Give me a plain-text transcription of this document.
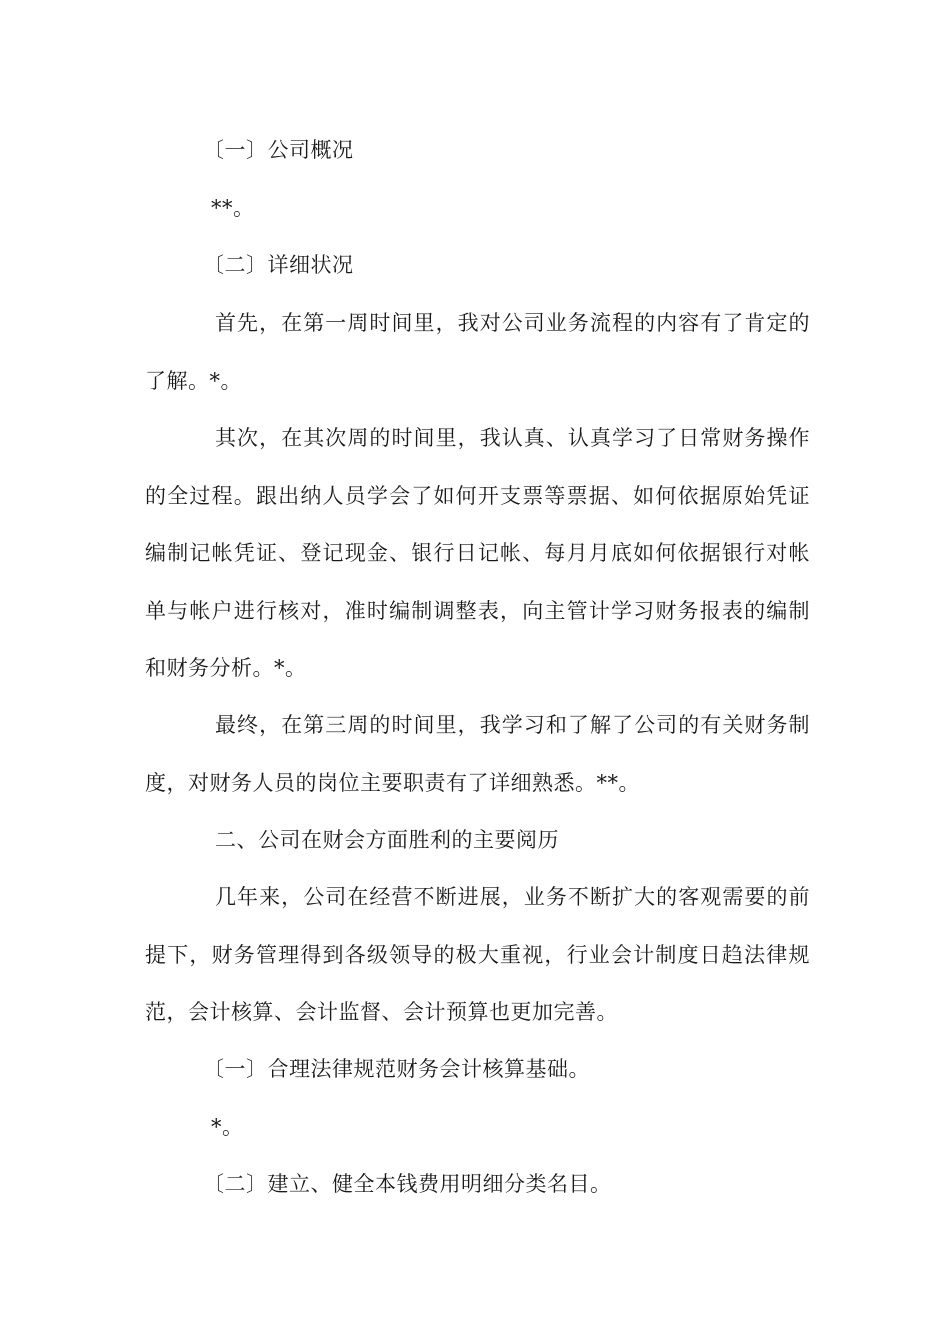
〔一〕公司概况

**。

〔二〕详细状况

首先，在第一周时间里，我对公司业务流程的内容有了肯定的了解。*。

其次，在其次周的时间里，我认真、认真学习了日常财务操作的全过程。跟出纳人员学会了如何开支票等票据、如何依据原始凭证编制记帐凭证、登记现金、银行日记帐、每月月底如何依据银行对帐单与帐户进行核对，准时编制调整表，向主管计学习财务报表的编制和财务分析。*。

最终，在第三周的时间里，我学习和了解了公司的有关财务制度，对财务人员的岗位主要职责有了详细熟悉。**。

二、公司在财会方面胜利的主要阅历

几年来，公司在经营不断进展，业务不断扩大的客观需要的前提下，财务管理得到各级领导的极大重视，行业会计制度日趋法律规范，会计核算、会计监督、会计预算也更加完善。

〔一〕合理法律规范财务会计核算基础。

*。

〔二〕建立、健全本钱费用明细分类名目。
